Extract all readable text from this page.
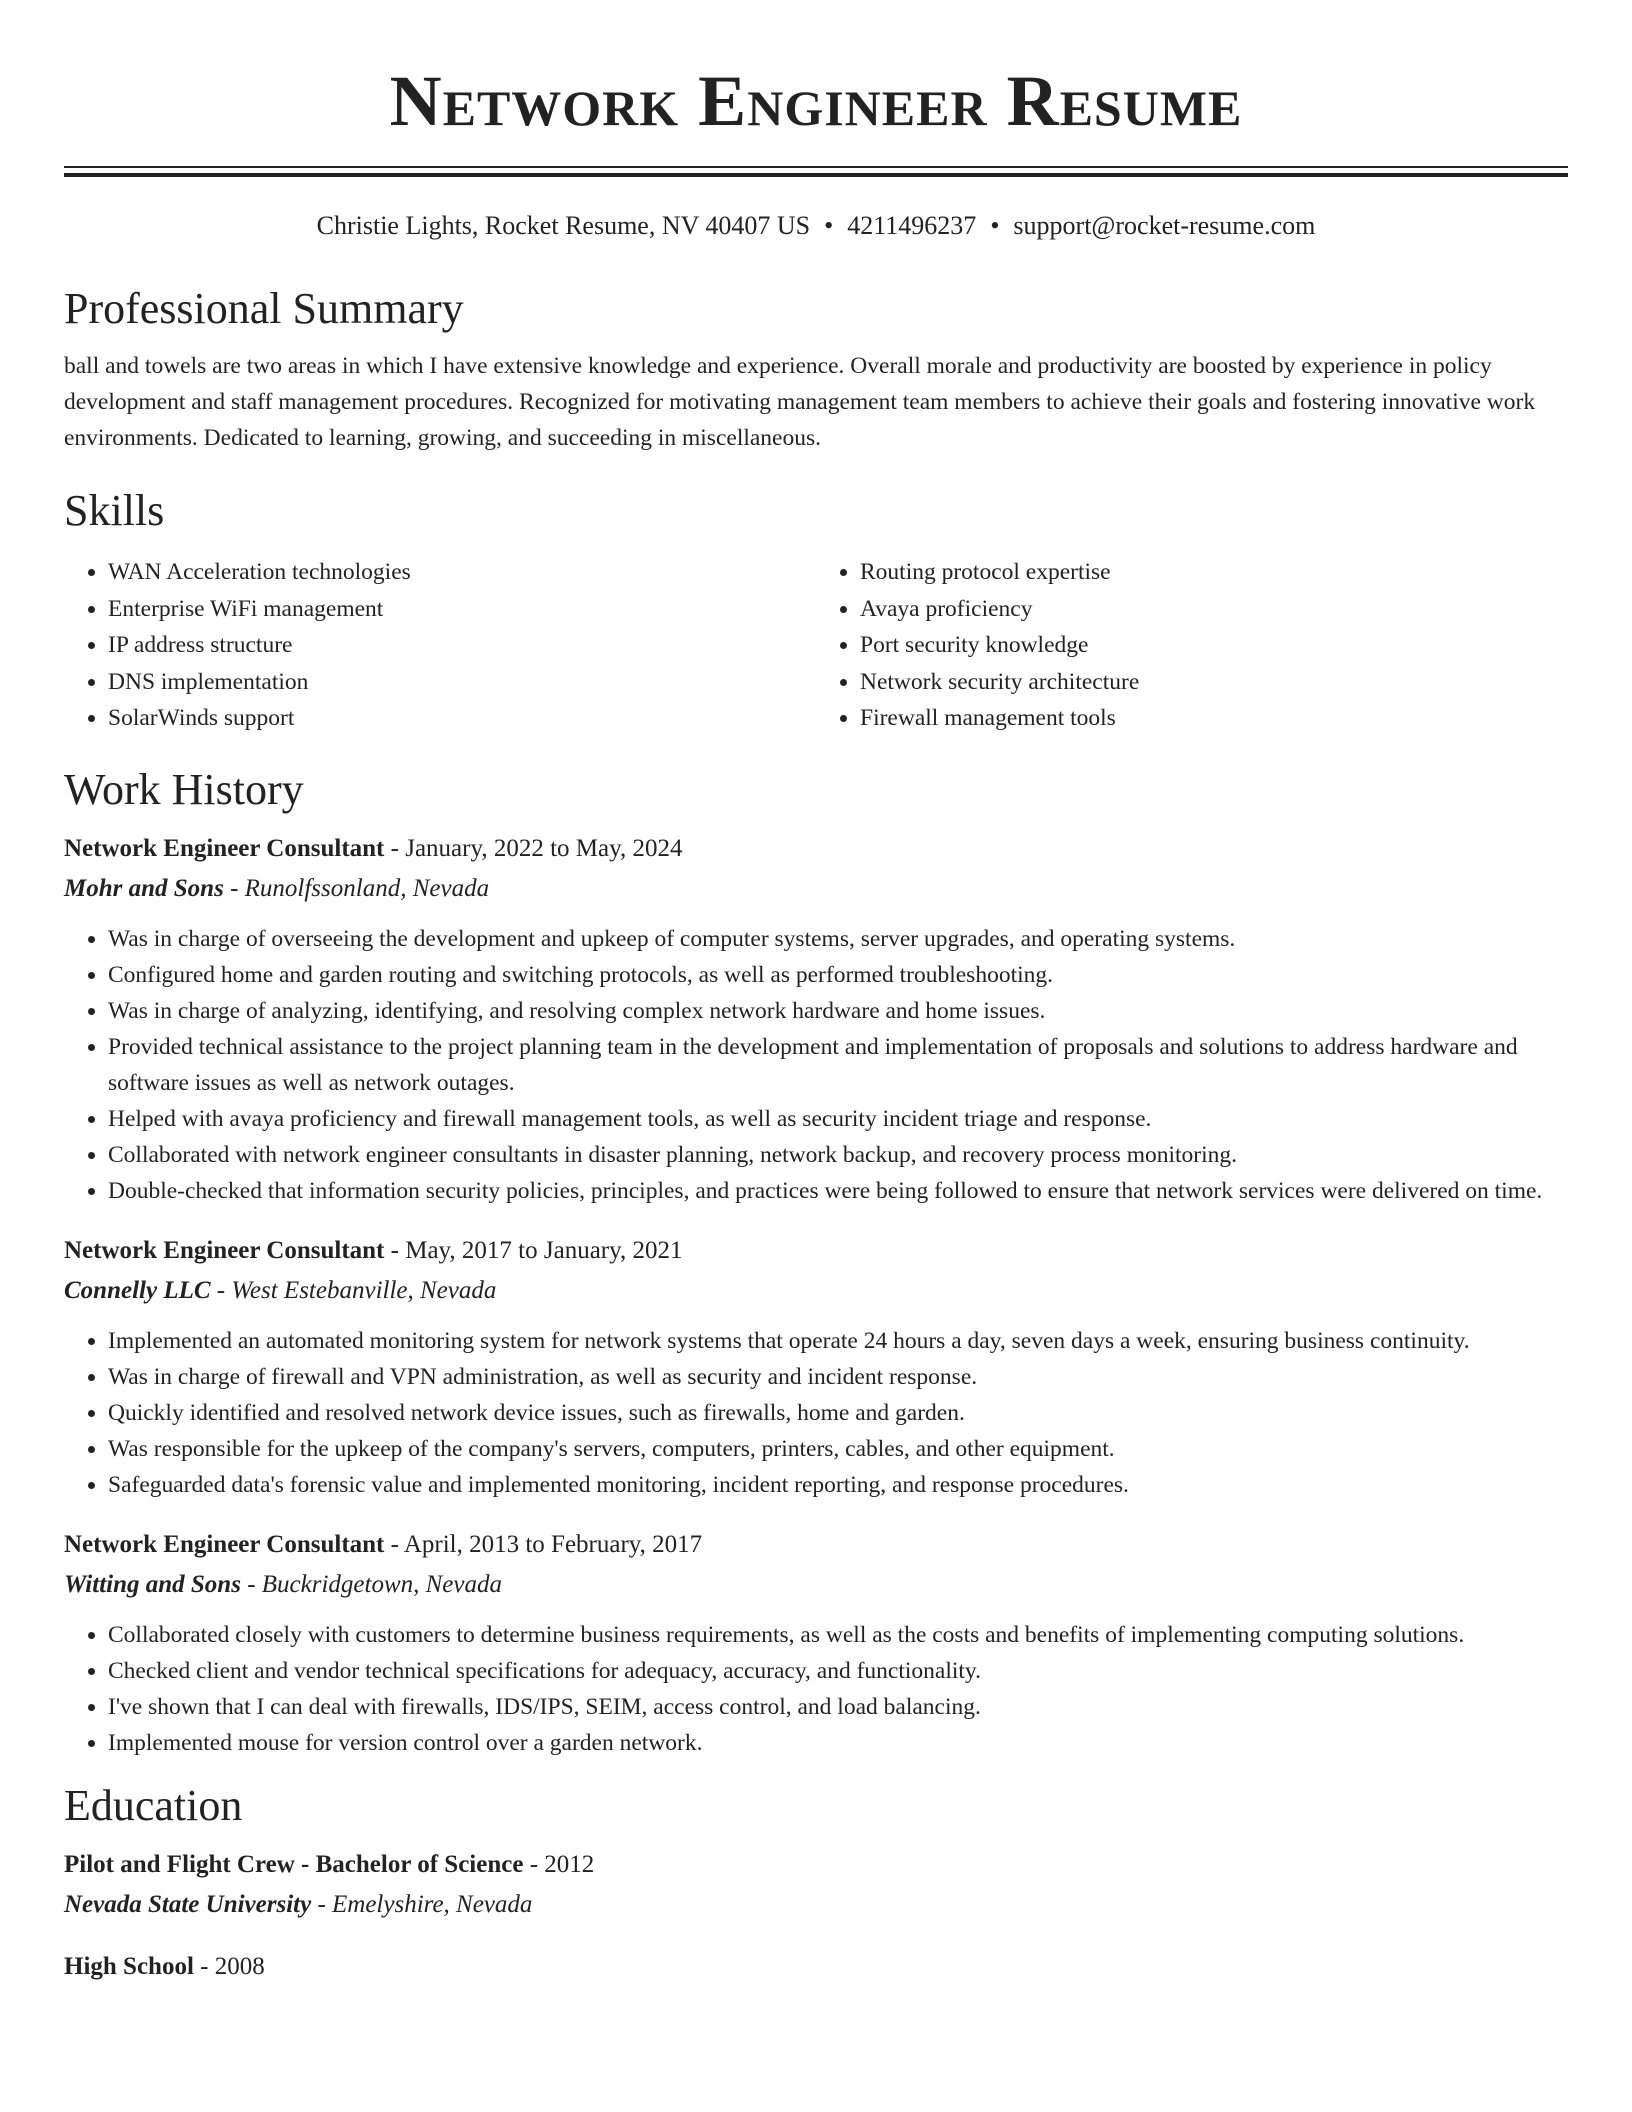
Network Engineer Resume
Christie Lights, Rocket Resume, NV 40407 US • 4211496237 • support@rocket-resume.com
Professional Summary

ball and towels are two areas in which I have extensive knowledge and experience. Overall morale and productivity are boosted by experience in policy development and staff management procedures. Recognized for motivating management team members to achieve their goals and fostering innovative work environments. Dedicated to learning, growing, and succeeding in miscellaneous.

Skills
• WAN Acceleration technologies
• Enterprise WiFi management
• IP address structure
• DNS implementation
• SolarWinds support
• Routing protocol expertise
• Avaya proficiency
• Port security knowledge
• Network security architecture
• Firewall management tools
Work History
Network Engineer Consultant - January, 2022 to May, 2024
Mohr and Sons - Runolfssonland, Nevada
• Was in charge of overseeing the development and upkeep of computer systems, server upgrades, and operating systems.
• Configured home and garden routing and switching protocols, as well as performed troubleshooting.
• Was in charge of analyzing, identifying, and resolving complex network hardware and home issues.
• Provided technical assistance to the project planning team in the development and implementation of proposals and solutions to address hardware and software issues as well as network outages.
• Helped with avaya proficiency and firewall management tools, as well as security incident triage and response.
• Collaborated with network engineer consultants in disaster planning, network backup, and recovery process monitoring.
• Double-checked that information security policies, principles, and practices were being followed to ensure that network services were delivered on time.
Network Engineer Consultant - May, 2017 to January, 2021
Connelly LLC - West Estebanville, Nevada
• Implemented an automated monitoring system for network systems that operate 24 hours a day, seven days a week, ensuring business continuity.
• Was in charge of firewall and VPN administration, as well as security and incident response.
• Quickly identified and resolved network device issues, such as firewalls, home and garden.
• Was responsible for the upkeep of the company's servers, computers, printers, cables, and other equipment.
• Safeguarded data's forensic value and implemented monitoring, incident reporting, and response procedures.
Network Engineer Consultant - April, 2013 to February, 2017
Witting and Sons - Buckridgetown, Nevada
• Collaborated closely with customers to determine business requirements, as well as the costs and benefits of implementing computing solutions.
• Checked client and vendor technical specifications for adequacy, accuracy, and functionality.
• I've shown that I can deal with firewalls, IDS/IPS, SEIM, access control, and load balancing.
• Implemented mouse for version control over a garden network.
Education
Pilot and Flight Crew - Bachelor of Science - 2012
Nevada State University - Emelyshire, Nevada
High School - 2008
